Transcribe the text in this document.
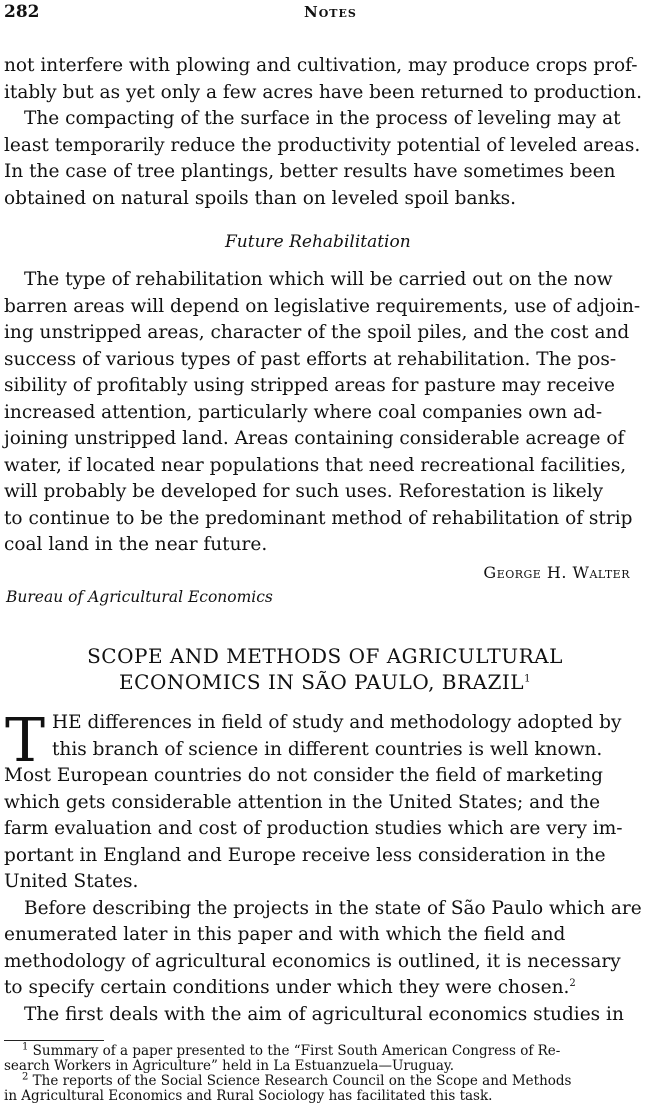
282	Notes
not interfere with plowing and cultivation, may produce crops prof-
itably but as yet only a few acres have been returned to production.
The compacting of the surface in the process of leveling may at
least temporarily reduce the productivity potential of leveled areas.
In the case of tree plantings, better results have sometimes been
obtained on natural spoils than on leveled spoil banks.
Future Rehabilitation
The type of rehabilitation which will be carried out on the now
barren areas will depend on legislative requirements, use of adjoin-
ing unstripped areas, character of the spoil piles, and the cost and
success of various types of past efforts at rehabilitation. The pos-
sibility of profitably using stripped areas for pasture may receive
increased attention, particularly where coal companies own ad-
joining unstripped land. Areas containing considerable acreage of
water, if located near populations that need recreational facilities,
will probably be developed for such uses. Reforestation is likely
to continue to be the predominant method of rehabilitation of strip
coal land in the near future.
George H. Walter
Bureau of Agricultural Economics
SCOPE AND METHODS OF AGRICULTURAL
ECONOMICS IN SÃO PAULO, BRAZIL$^1$
T HE differences in field of study and methodology adopted by
this branch of science in different countries is well known.
Most European countries do not consider the field of marketing
which gets considerable attention in the United States; and the
farm evaluation and cost of production studies which are very im-
portant in England and Europe receive less consideration in the
United States.
Before describing the projects in the state of São Paulo which are
enumerated later in this paper and with which the field and
methodology of agricultural economics is outlined, it is necessary
to specify certain conditions under which they were chosen.$^2$
The first deals with the aim of agricultural economics studies in
$^1$ Summary of a paper presented to the “First South American Congress of Re-
search Workers in Agriculture” held in La Estuanzuela—Uruguay.
$^2$ The reports of the Social Science Research Council on the Scope and Methods
in Agricultural Economics and Rural Sociology has facilitated this task.
